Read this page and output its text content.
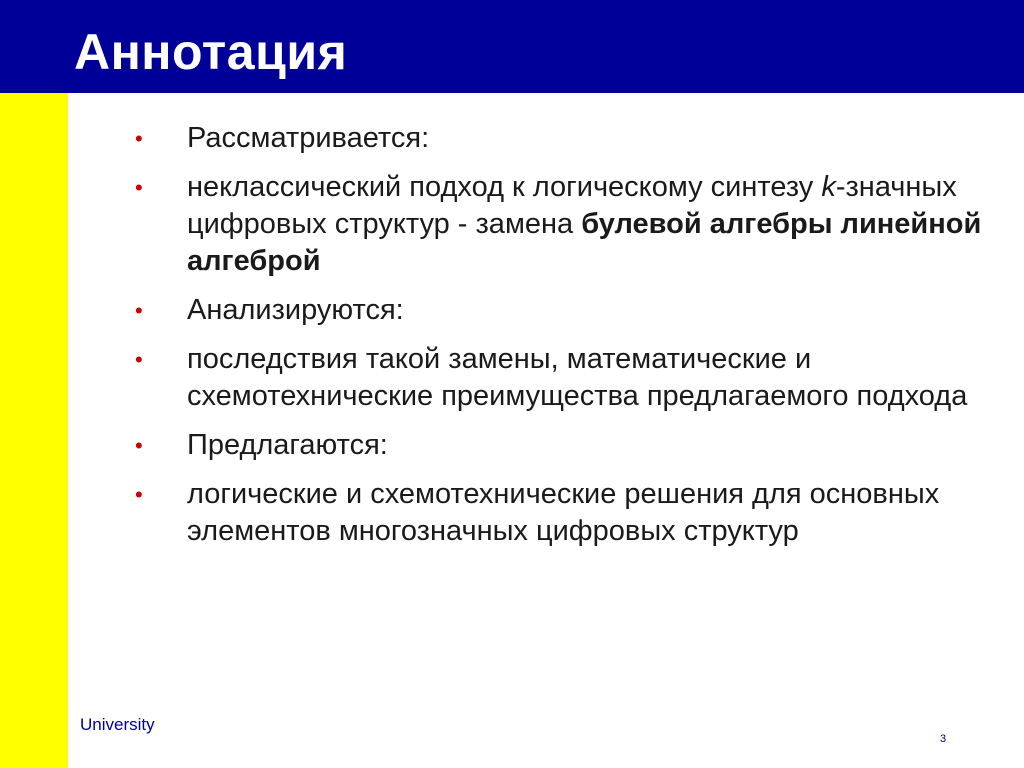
Аннотация
• Рассматривается:
• неклассический подход к логическому синтезу k-значных цифровых структур - замена булевой алгебры линейной алгеброй
• Анализируются:
• последствия такой замены, математические и схемотехнические преимущества предлагаемого подхода
• Предлагаются:
• логические и схемотехнические решения для основных элементов многозначных цифровых структур
University
3
